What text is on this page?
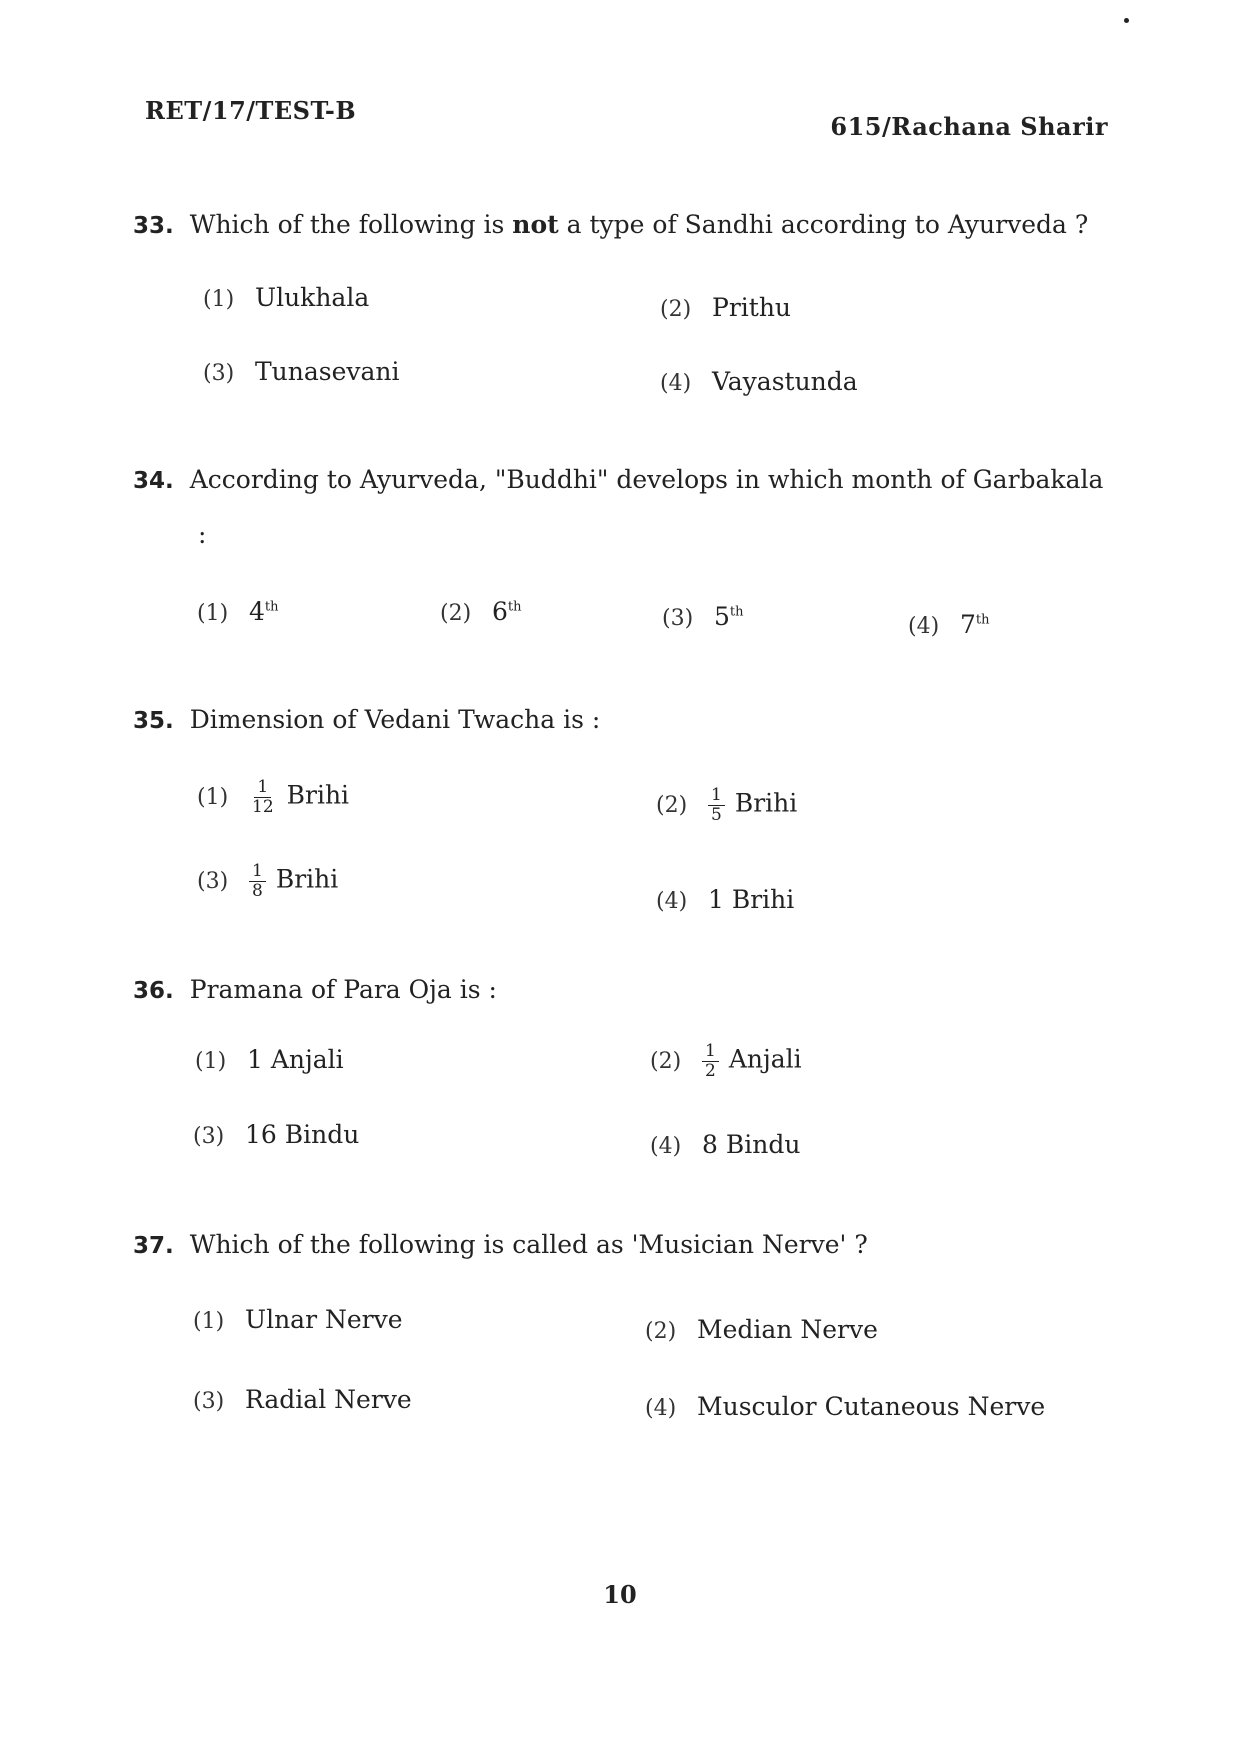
RET/17/TEST-B
615/Rachana Sharir
33. Which of the following is not a type of Sandhi according to Ayurveda ?
(1) Ulukhala	(2) Prithu
(3) Tunasevani	(4) Vayastunda
34. According to Ayurveda, "Buddhi" develops in which month of Garbakala
:
(1) 4th	(2) 6th	(3) 5th
(4) 7th
35. Dimension of Vedani Twacha is :
$(1) \frac{1}{12}$ Brihi	$(2) \frac{1}{5}$ Brihi
$(3) \frac{1}{8}$ Brihi
(4) 1 Brihi
36. Pramana of Para Oja is :
(1) 1 Anjali	$(2) \frac{1}{2}$ Anjali
(3) 16 Bindu	(4) 8 Bindu
37. Which of the following is called as 'Musician Nerve' ?
(1) Ulnar Nerve	(2) Median Nerve
(3) Radial Nerve	(4) Musculor Cutaneous Nerve
10
